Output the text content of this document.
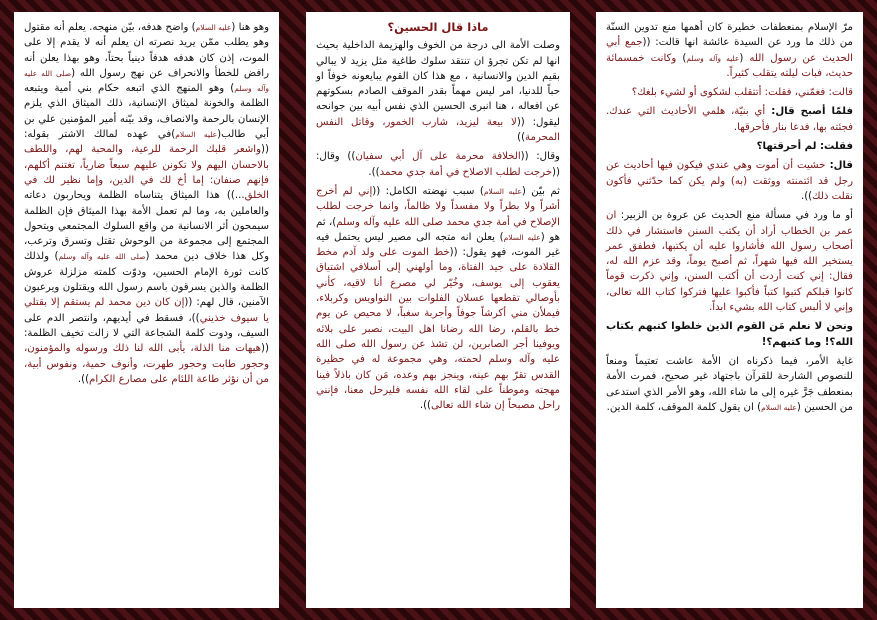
مرّ الإسلام بمنعطفات خطيرة كان أهمها منع تدوين السنّة من ذلك ما ورد عن السيدة عائشة انها قالت: ((جمع أبي الحديث عن رسول الله (عليه وآله وسلم) وكانت خمسمائة حديث، فبات ليلته يتقلب كثيراً.

قالت: فغمّني، فقلت: أتتقلب لشكوى أو لشيء بلغك؟

فلمّا أصبح قال: أي بنيّة، هلمي الأحاديث التي عندك. فجئته بها، فدعا بنار فأحرقها.

فقلت: لم أحرقتها؟

قال: خشيت أن أموت وهي عندي فيكون فيها أحاديث عن رجل قد ائتمنته ووثقت (به) ولم يكن كما حدّثني فأكون نقلت ذلك)).

أو ما ورد في مسألة منع الحديث عن عروة بن الزبير: ان عمر بن الخطاب أراد أن يكتب السنن فاستشار في ذلك أصحاب رسول الله فأشاروا عليه أن يكتبها، فطفق عمر يستخير الله فيها شهراً، ثم أصبح يوماً، وقد عزم الله له، فقال: إني كنت أردت أن أكتب السنن، وإني ذكرت قوماً كانوا قبلكم كتبوا كتباً فأكبوا عليها فتركوا كتاب الله تعالى، وإني لا ألبس كتاب الله بشيء ابداً.

ونحن لا نعلم مَن القوم الذين خلطوا كتبهم بكتاب الله؟! وما كتبهم؟!

غاية الأمر، فيما ذكرناه ان الأمة عاشت تعتيماً ومنعاً للنصوص الشارحة للقرآن باجتهاد غير صحيح، فمرت الأمة بمنعطف جَرَّ غيره إلى ما شاء الله، وهو الأمر الذي استدعى من الحسين (عليه السلام) ان يقول كلمة الموقف، كلمة الدين.

ماذا قال الحسين؟

وصلت الأمة الى درجة من الخوف والهزيمة الداخلية بحيث انها لم تكن تجرؤ ان تنتقد سلوك طاغية مثل يزيد لا يبالي بقيم الدين والانسانية ، مع هذا كان القوم يبايعونه خوفاً او حباً للدنيا، امر ليس مهماً بقدر الموقف الصادم بسكوتهم عن افعاله ، هنا انبرى الحسين الذي نفس أبيه بين جوانحه ليقول: ((لا بيعة ليزيد، شارب الخمور، وقاتل النفس المحرمة))

وقال: ((الخلافة محرمة على آل أبي سفيان)) وقال: ((خرجت لطلب الاصلاح في أمة جدي محمد)).

ثم بيّن (عليه السلام) سبب نهضته الكامل: ((إني لم أخرج أشراً ولا بطراً ولا مفسداً ولا ظالماً، وانما خرجت لطلب الإصلاح في أمة جدي محمد صلى الله عليه وآله وسلم)، ثم هو (عليه السلام) يعلن انه متجه الى مصير ليس يحتمل فيه غير الموت، فهو يقول: ((خط الموت على ولد آدم مخط القلادة على جيد الفتاة، وما أولهني إلى أسلافي اشتياق يعقوب إلى يوسف، وخُيّر لي مصرع أنا لاقيه، كأني بأوصالي تقطعها عسلان الفلوات بين النواويس وكربلاء، فيملأن مني أكرشاً جوفاً وأجربة سغباً، لا محيص عن يوم خط بالقلم، رضا الله رضانا اهل البيت، نصبر على بلائه ويوفينا أجر الصابرين، لن تشذ عن رسول الله صلى الله عليه وآله وسلم لحمته، وهي مجموعة له في حظيرة القدس تقرّ بهم عينه، وينجز بهم وعده، مَن كان باذلاً فينا مهجته وموطناً على لقاء الله نفسه فليرحل معنا، فإنني راحل مصبحاً إن شاء الله تعالى)).

وهو هنا (عليه السلام) واضح هدفه، بيّن منهجه. يعلم أنه مقتول وهو يطلب ممّن يريد نصرته ان يعلم أنه لا يقدم إلا على الموت، إذن كان هدفه هدفاً دينياً بحتاً، وهو بهذا يعلن أنه رافض للخطأ والانحراف عن نهج رسول الله (صلى الله عليه وآله وسلم) وهو المنهج الذي اتبعه حكام بني أمية ويتبعه الظلمة والخونة لميثاق الإنسانية، ذلك الميثاق الذي يلزم الإنسان بالرحمة والانصاف، وقد بيّنه أمير المؤمنين علي بن أبي طالب(عليه السلام)في عهده لمالك الاشتر بقوله: ((واشعر قلبك الرحمة للرعية، والمحبة لهم، واللطف بالاحسان اليهم ولا تكونن عليهم سبعاً ضارياً، تغتنم أكلهم، فإنهم صنفان: إما أخ لك في الدين، وإما نظير لك في الخلق...)) هذا الميثاق يتناساه الظلمة ويحاربون دعاته والعاملين به، وما لم تعمل الأمة بهذا الميثاق فإن الظلمة سيمحون أثر الانسانية من واقع السلوك المجتمعي ويتحول المجتمع إلى مجموعة من الوحوش تقتل وتسرق وترعب، وكل هذا خلاف دين محمد (صلى الله عليه وآله وسلم) ولذلك كانت ثورة الإمام الحسين، ودوّت كلمته مزلزلة عروش الظلمة والذين يسرقون باسم رسول الله ويقتلون ويرعبون الآمنين، قال لهم: ((إن كان دين محمد لم يستقم إلا بقتلي يا سيوف خذيني))، فسقط في أيديهم، وانتصر الدم على السيف، ودوت كلمة الشجاعة التي لا زالت تخيف الظلمة: ((هيهات منا الذلة، يأبى الله لنا ذلك ورسوله والمؤمنون، وحجور طابت وحجور طهرت، وأنوف حمية، ونفوس أبية، من أن نؤثر طاعة اللئام على مصارع الكرام)).
